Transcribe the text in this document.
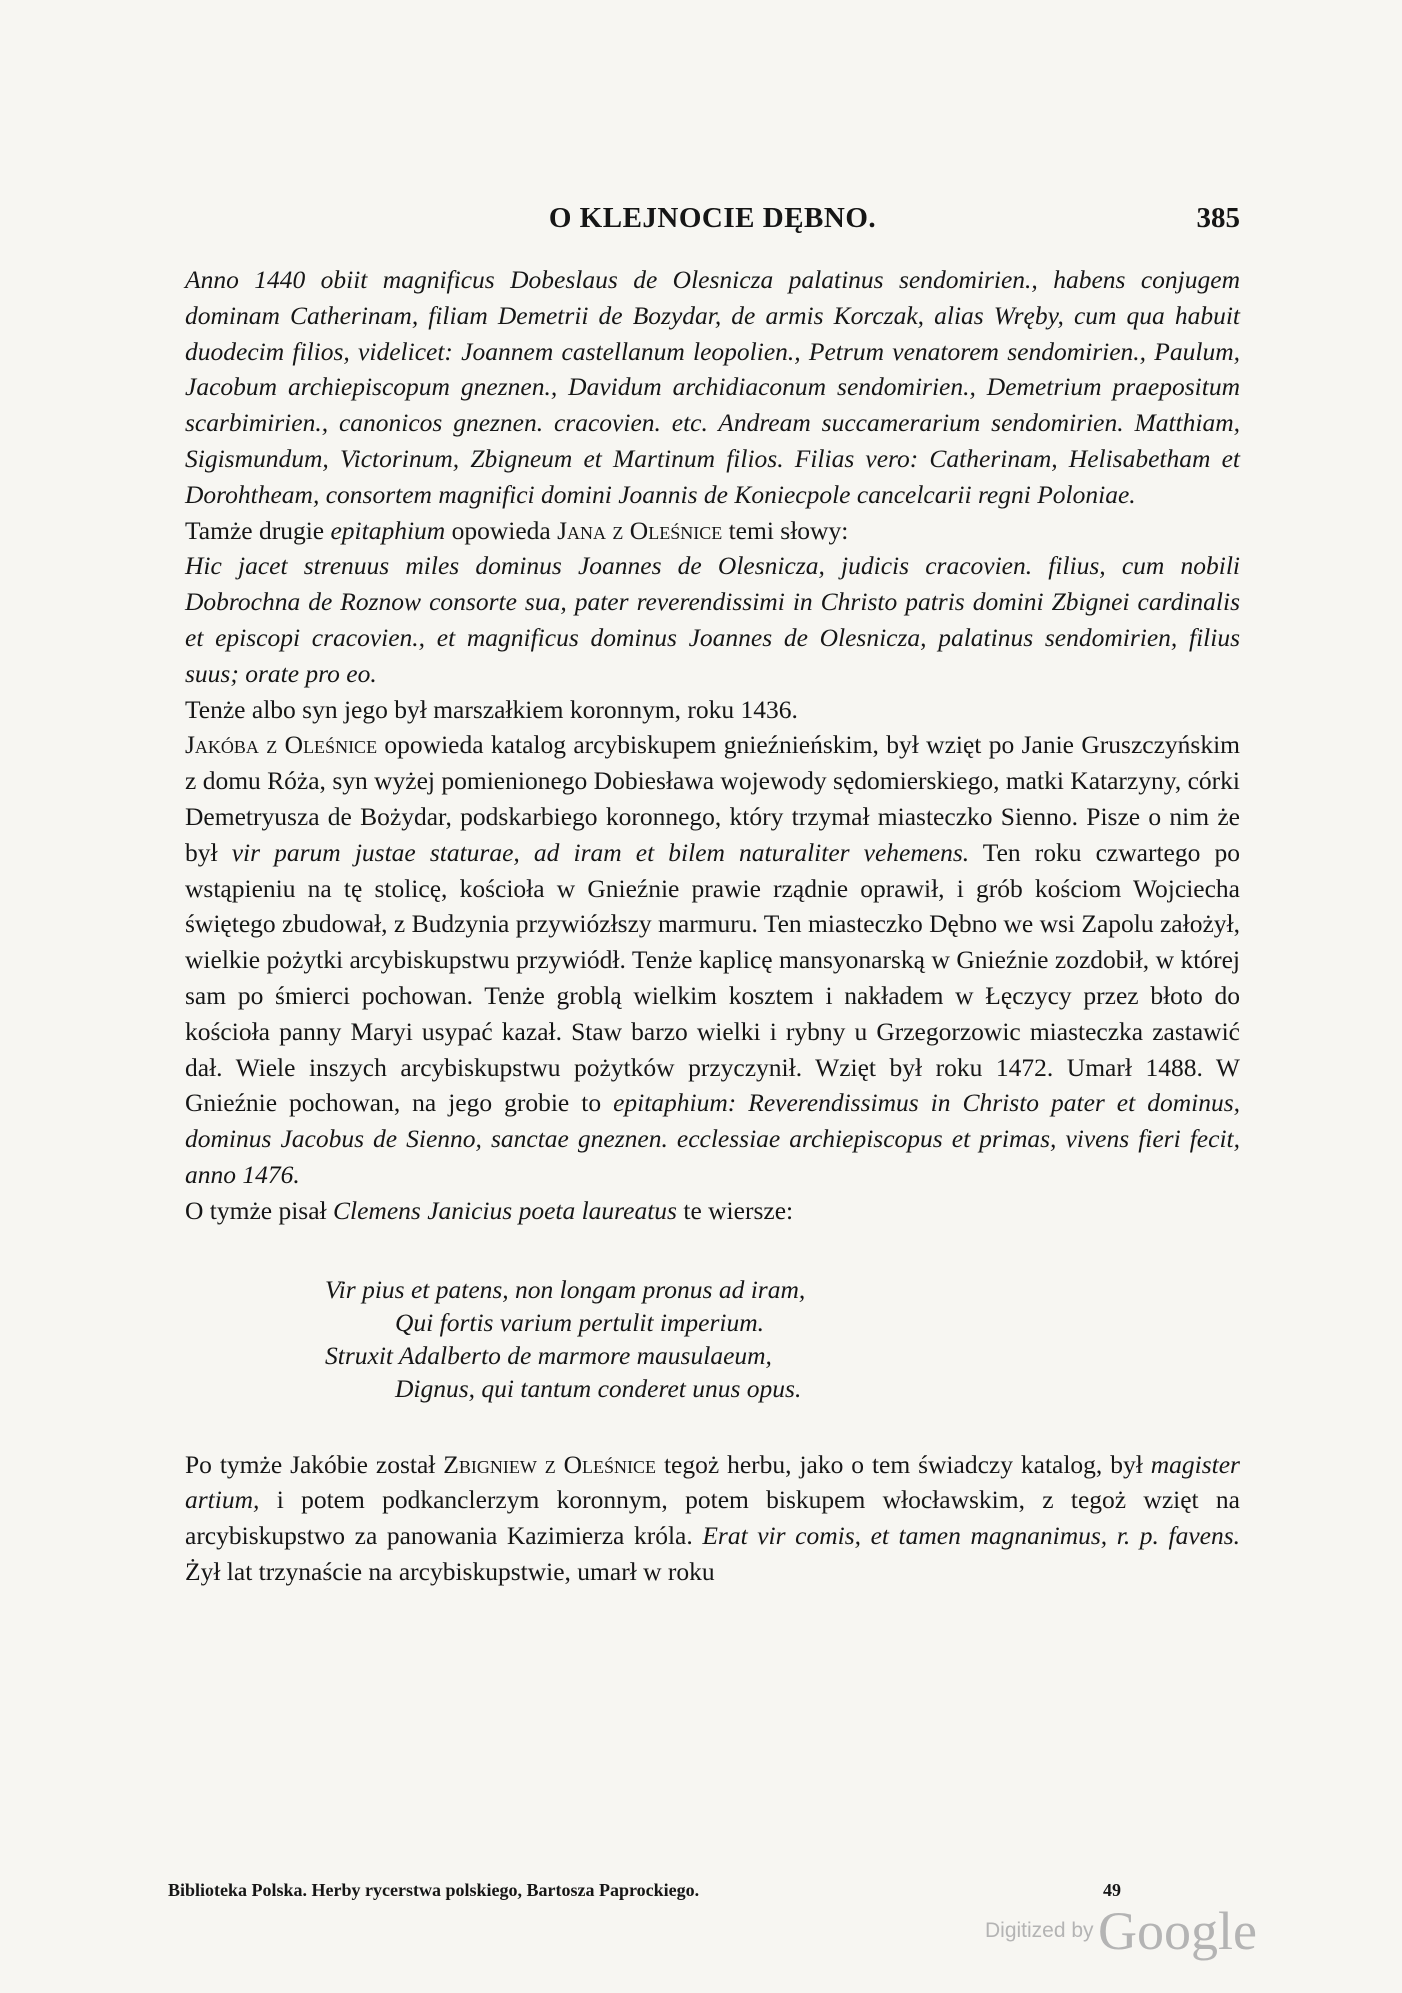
O KLEJNOCIE DĘBNO.	385

Anno 1440 obiit magnificus Dobeslaus de Olesnicza palatinus sendomirien., habens conjugem dominam Catherinam, filiam Demetrii de Bozydar, de armis Korczak, alias Wręby, cum qua habuit duodecim filios, videlicet: Joannem castellanum leopolien., Petrum venatorem sendomirien., Paulum, Jacobum archiepiscopum gneznen., Davidum archidiaconum sendomirien., Demetrium praepositum scarbimirien., canonicos gneznen. cracovien. etc. Andream succamerarium sendomirien. Matthiam, Sigismundum, Victorinum, Zbigneum et Martinum filios. Filias vero: Catherinam, Helisabetham et Dorohtheam, consortem magnifici domini Joannis de Koniecpole cancelcarii regni Poloniae.

Tamże drugie epitaphium opowieda Jana z Oleśnice temi słowy:

Hic jacet strenuus miles dominus Joannes de Olesnicza, judicis cracovien. filius, cum nobili Dobrochna de Roznow consorte sua, pater reverendissimi in Christo patris domini Zbignei cardinalis et episcopi cracovien., et magnificus dominus Joannes de Olesnicza, palatinus sendomirien, filius suus; orate pro eo.

Tenże albo syn jego był marszałkiem koronnym, roku 1436.

Jakóba z Oleśnice opowieda katalog arcybiskupem gnieźnieńskim, był wzięt po Janie Gruszczyńskim z domu Róża, syn wyżej pomienionego Dobiesława wojewody sędomierskiego, matki Katarzyny, córki Demetryusza de Bożydar, podskarbiego koronnego, który trzymał miasteczko Sienno. Pisze o nim że był vir parum justae staturae, ad iram et bilem naturaliter vehemens. Ten roku czwartego po wstąpieniu na tę stolicę, kościoła w Gnieźnie prawie rządnie oprawił, i grób kościom Wojciecha świętego zbudował, z Budzynia przywiózłszy marmuru. Ten miasteczko Dębno we wsi Zapolu założył, wielkie pożytki arcybiskupstwu przywiódł. Tenże kaplicę mansyonarską w Gnieźnie zozdobił, w której sam po śmierci pochowan. Tenże groblą wielkim kosztem i nakładem w Łęczycy przez błoto do kościoła panny Maryi usypać kazał. Staw barzo wielki i rybny u Grzegorzowic miasteczka zastawić dał. Wiele inszych arcybiskupstwu pożytków przyczynił. Wzięt był roku 1472. Umarł 1488. W Gnieźnie pochowan, na jego grobie to epitaphium: Reverendissimus in Christo pater et dominus, dominus Jacobus de Sienno, sanctae gneznen. ecclessiae archiepiscopus et primas, vivens fieri fecit, anno 1476.

O tymże pisał Clemens Janicius poeta laureatus te wiersze:

Vir pius et patens, non longam pronus ad iram,
Qui fortis varium pertulit imperium.
Struxit Adalberto de marmore mausulaeum,
Dignus, qui tantum conderet unus opus.

Po tymże Jakóbie został Zbigniew z Oleśnice tegoż herbu, jako o tem świadczy katalog, był magister artium, i potem podkanclerzym koronnym, potem biskupem włocławskim, z tegoż wzięt na arcybiskupstwo za panowania Kazimierza króla. Erat vir comis, et tamen magnanimus, r. p. favens. Żył lat trzynaście na arcybiskupstwie, umarł w roku

Biblioteka Polska. Herby rycerstwa polskiego, Bartosza Paprockiego.	49
Digitized by Google
